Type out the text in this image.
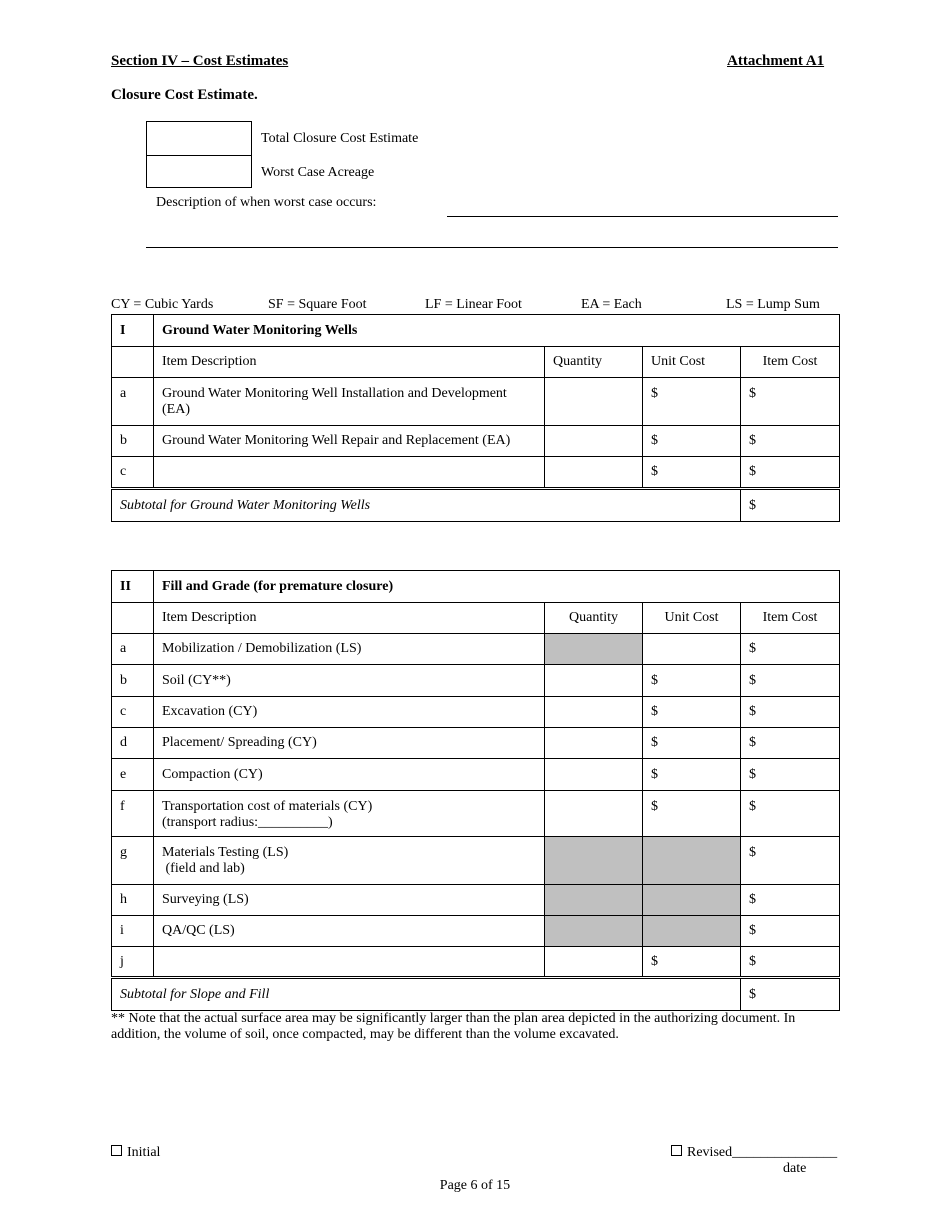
Section IV – Cost Estimates	Attachment A1
Closure Cost Estimate.
Total Closure Cost Estimate
Worst Case Acreage
Description of when worst case occurs:
CY = Cubic Yards	SF = Square Foot	LF = Linear Foot	EA = Each	LS = Lump Sum
I	Ground Water Monitoring Wells			
	Item Description	Quantity	Unit Cost	Item Cost
a	Ground Water Monitoring Well Installation and Development (EA)		$	$
b	Ground Water Monitoring Well Repair and Replacement (EA)		$	$
c			$	$
Subtotal for Ground Water Monitoring Wells				$
II	Fill and Grade (for premature closure)			
	Item Description	Quantity	Unit Cost	Item Cost
a	Mobilization / Demobilization (LS)			$
b	Soil (CY**)		$	$
c	Excavation (CY)		$	$
d	Placement/ Spreading (CY)		$	$
e	Compaction (CY)		$	$
f	Transportation cost of materials (CY)
(transport radius:__________)		$	$
g	Materials Testing (LS)
(field and lab)			$
h	Surveying (LS)			$
i	QA/QC (LS)			$
j			$	$
Subtotal for Slope and Fill				$
** Note that the actual surface area may be significantly larger than the plan area depicted in the authorizing document. In addition, the volume of soil, once compacted, may be different than the volume excavated.
Initial	Revised_______________
date
Page 6 of 15
